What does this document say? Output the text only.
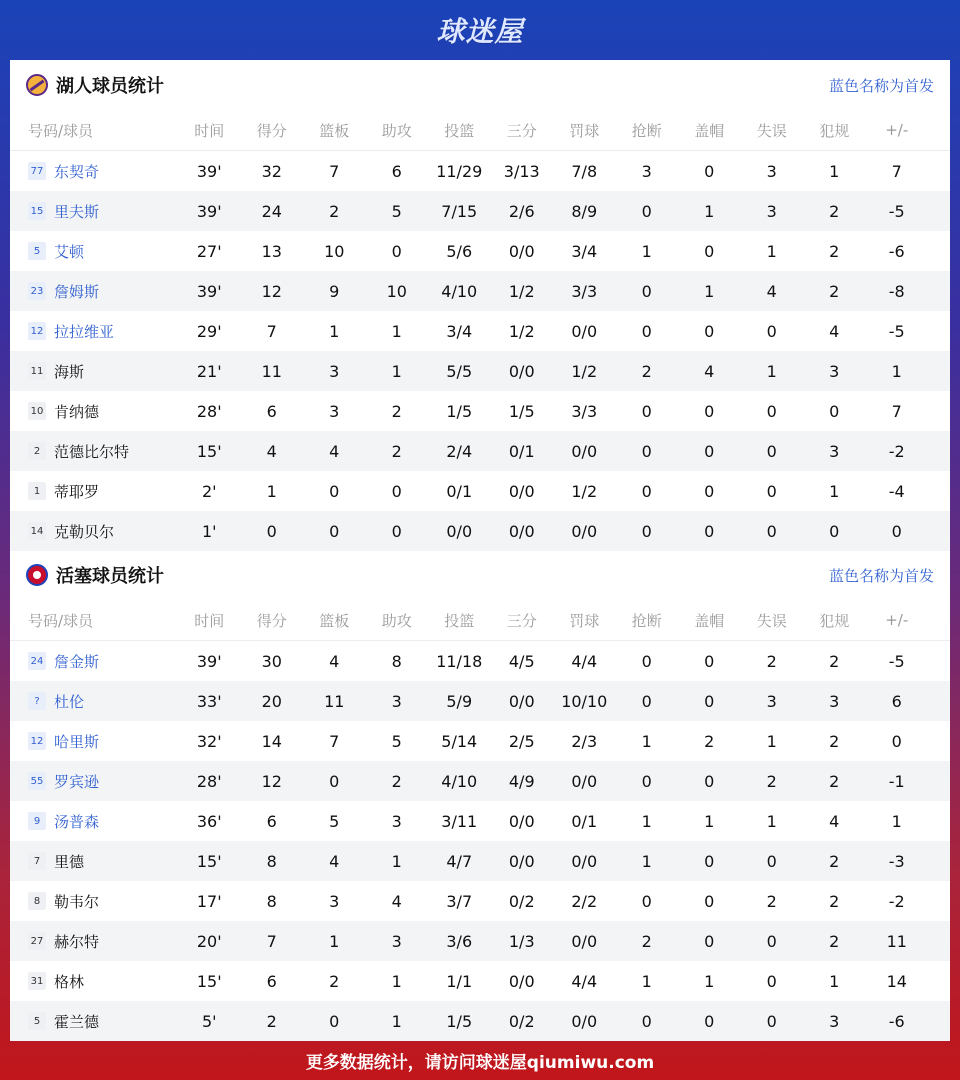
球迷屋
湖人球员统计	蓝色名称为首发
号码/球员	时间	得分	篮板	助攻	投篮	三分	罚球	抢断	盖帽	失误	犯规	+/-
77 东契奇	39'	32	7	6	11/29	3/13	7/8	3	0	3	1	7
15 里夫斯	39'	24	2	5	7/15	2/6	8/9	0	1	3	2	-5
5 艾顿	27'	13	10	0	5/6	0/0	3/4	1	0	1	2	-6
23 詹姆斯	39'	12	9	10	4/10	1/2	3/3	0	1	4	2	-8
12 拉拉维亚	29'	7	1	1	3/4	1/2	0/0	0	0	0	4	-5
11 海斯	21'	11	3	1	5/5	0/0	1/2	2	4	1	3	1
10 肯纳德	28'	6	3	2	1/5	1/5	3/3	0	0	0	0	7
2 范德比尔特	15'	4	4	2	2/4	0/1	0/0	0	0	0	3	-2
1 蒂耶罗	2'	1	0	0	0/1	0/0	1/2	0	0	0	1	-4
14 克勒贝尔	1'	0	0	0	0/0	0/0	0/0	0	0	0	0	0
活塞球员统计	蓝色名称为首发
号码/球员	时间	得分	篮板	助攻	投篮	三分	罚球	抢断	盖帽	失误	犯规	+/-
24 詹金斯	39'	30	4	8	11/18	4/5	4/4	0	0	2	2	-5
? 杜伦	33'	20	11	3	5/9	0/0	10/10	0	0	3	3	6
12 哈里斯	32'	14	7	5	5/14	2/5	2/3	1	2	1	2	0
55 罗宾逊	28'	12	0	2	4/10	4/9	0/0	0	0	2	2	-1
9 汤普森	36'	6	5	3	3/11	0/0	0/1	1	1	1	4	1
7 里德	15'	8	4	1	4/7	0/0	0/0	1	0	0	2	-3
8 勒韦尔	17'	8	3	4	3/7	0/2	2/2	0	0	2	2	-2
27 赫尔特	20'	7	1	3	3/6	1/3	0/0	2	0	0	2	11
31 格林	15'	6	2	1	1/1	0/0	4/4	1	1	0	1	14
5 霍兰德	5'	2	0	1	1/5	0/2	0/0	0	0	0	3	-6
更多数据统计，请访问球迷屋qiumiwu.com
